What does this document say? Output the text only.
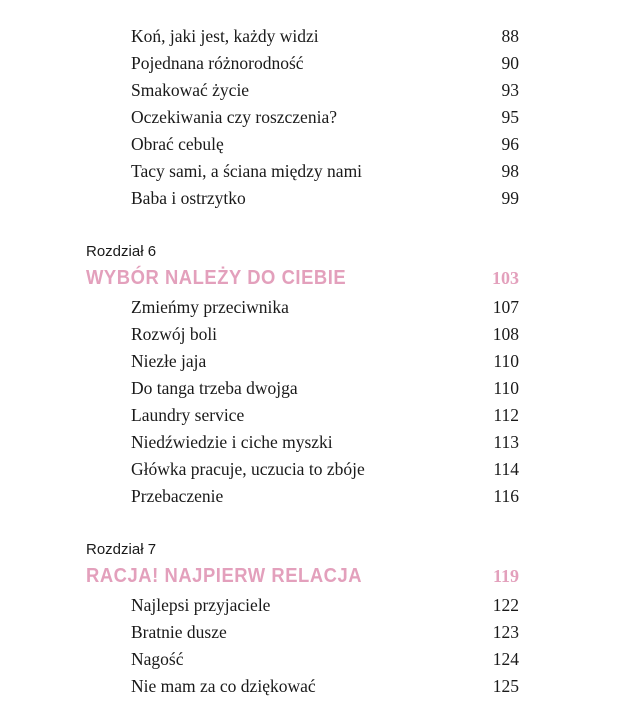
Koń, jaki jest, każdy widzi	88
Pojednana różnorodność	90
Smakować życie	93
Oczekiwania czy roszczenia?	95
Obrać cebulę	96
Tacy sami, a ściana między nami	98
Baba i ostrzytko	99
Rozdział 6
WYBÓR NALEŻY DO CIEBIE	103
Zmieńmy przeciwnika	107
Rozwój boli	108
Niezłe jaja	110
Do tanga trzeba dwojga	110
Laundry service	112
Niedźwiedzie i ciche myszki	113
Główka pracuje, uczucia to zbóje	114
Przebaczenie	116
Rozdział 7
RACJA! NAJPIERW RELACJA	119
Najlepsi przyjaciele	122
Bratnie dusze	123
Nagość	124
Nie mam za co dziękować	125
